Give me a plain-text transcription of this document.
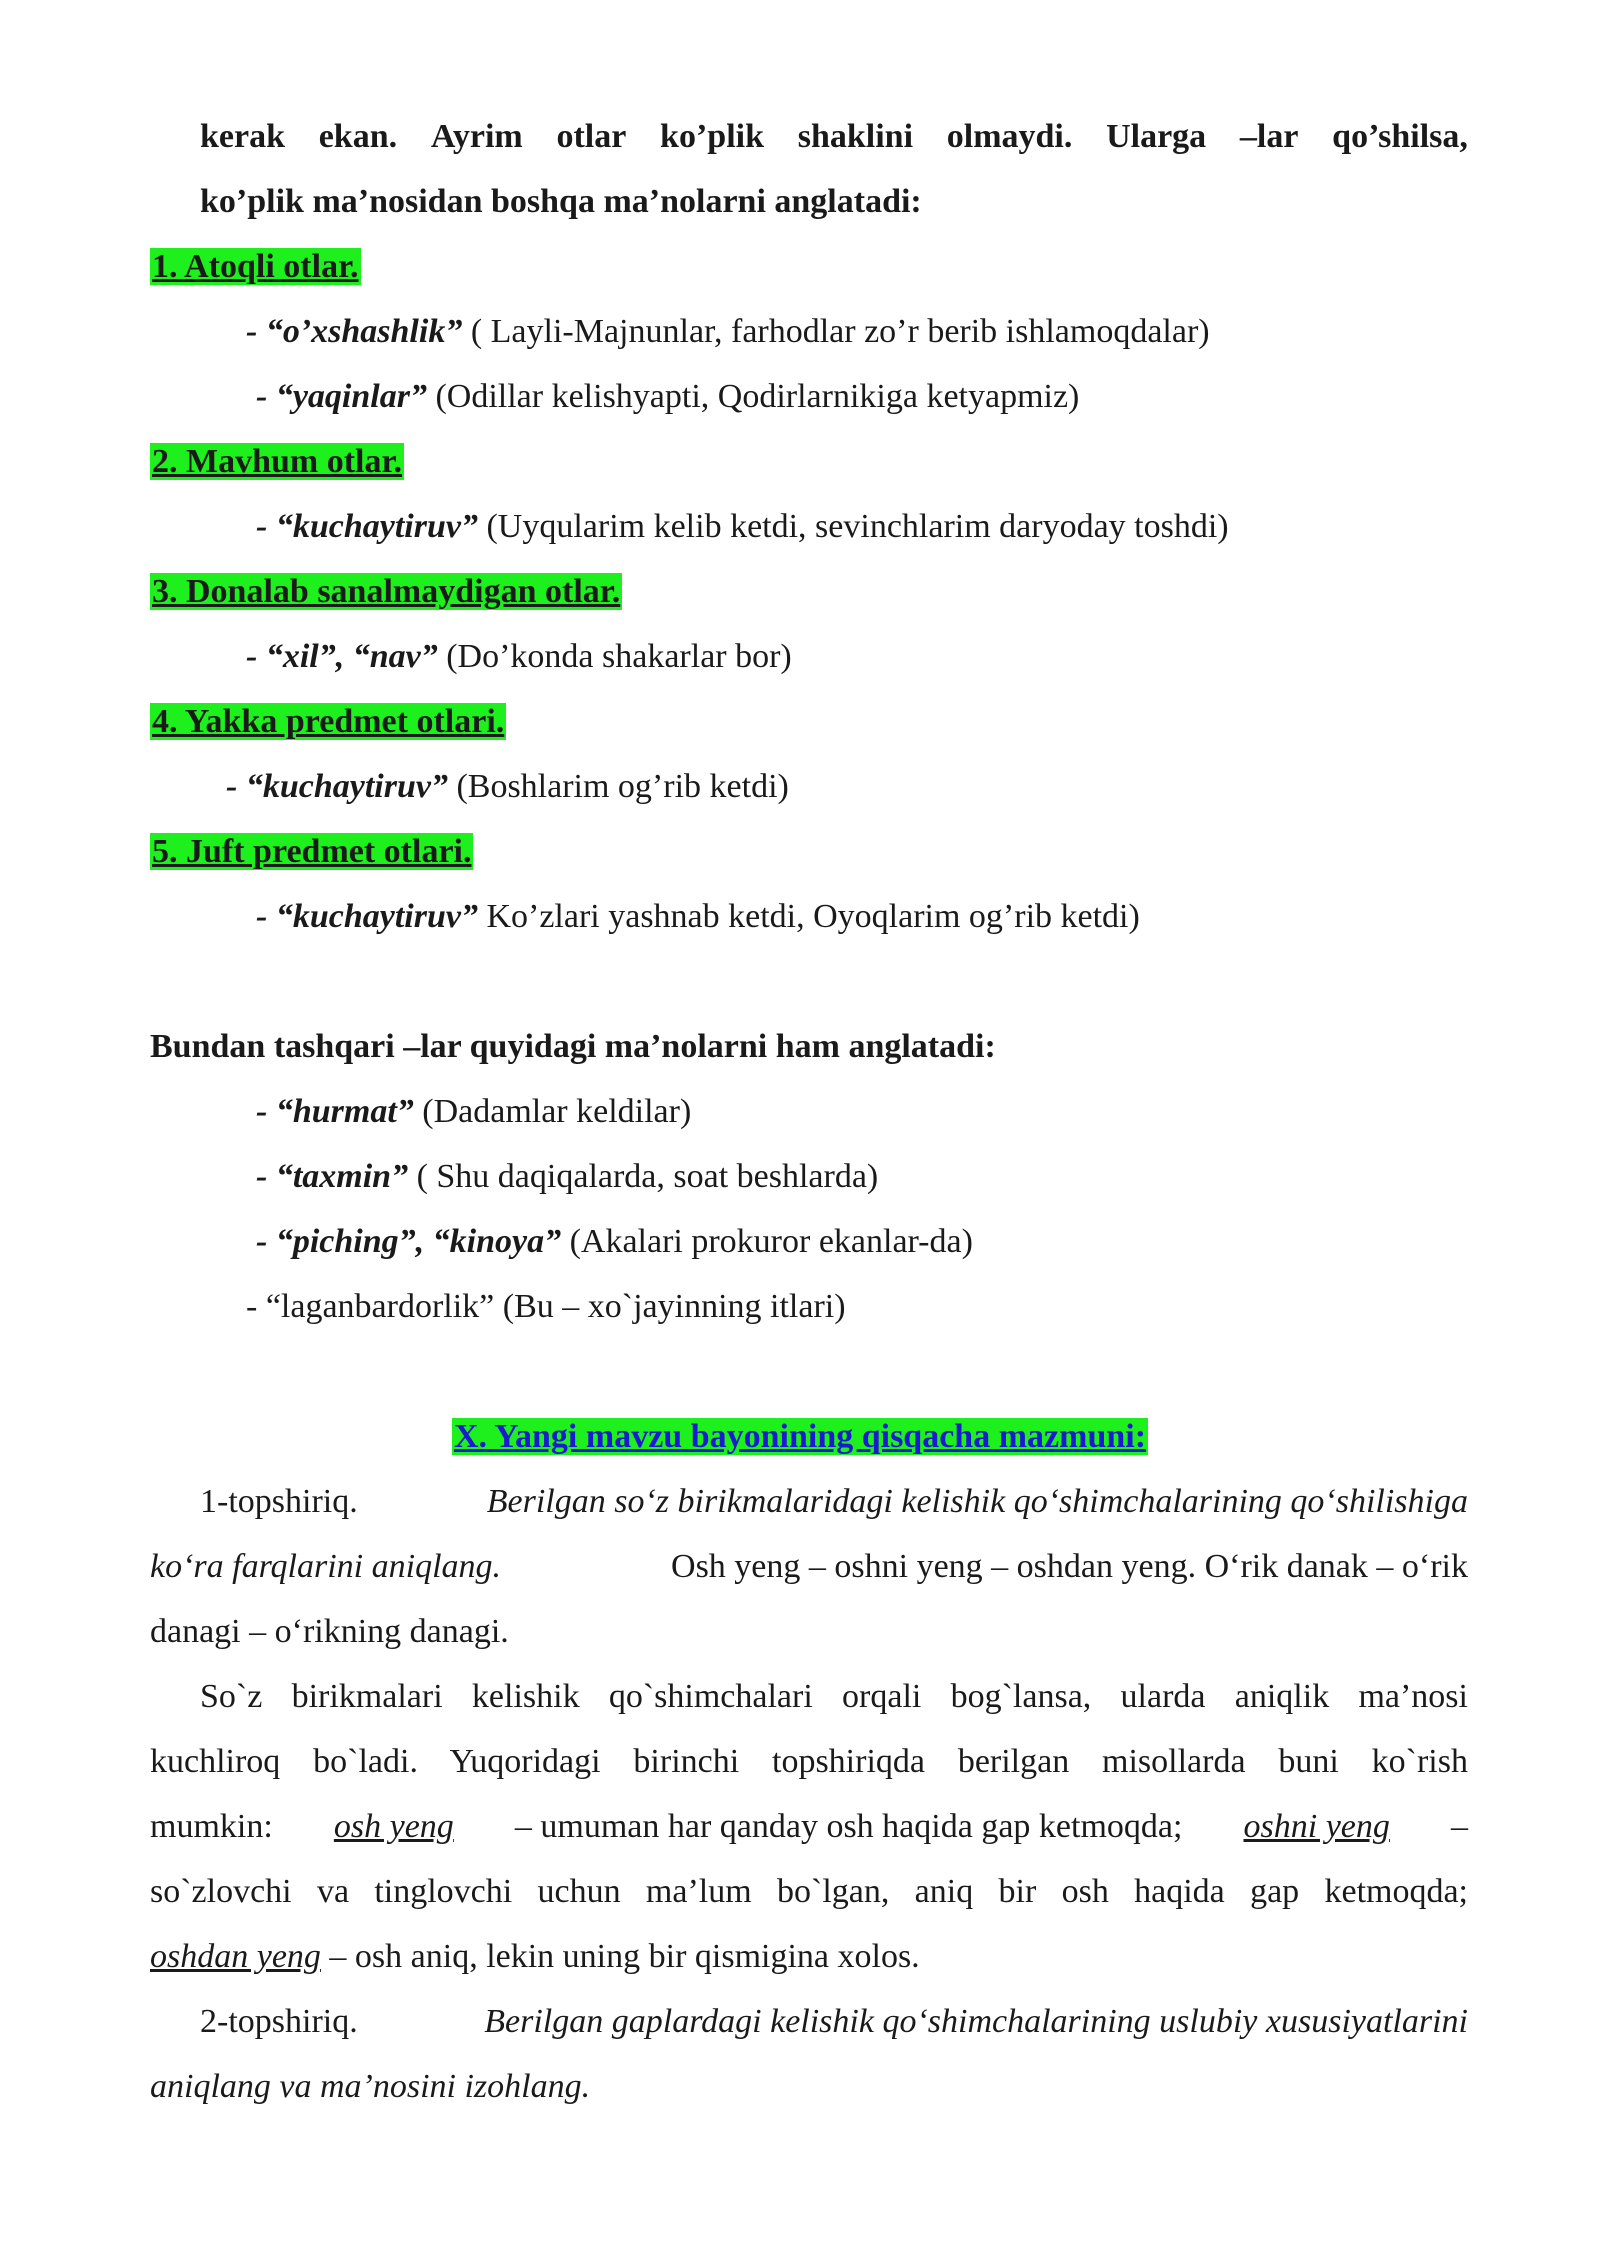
kerak ekan. Ayrim otlar ko’plik shaklini olmaydi. Ularga –lar qo’shilsa,
ko’plik ma’nosidan boshqa ma’nolarni anglatadi:
1. Atoqli otlar.
- “o’xshashlik” ( Layli-Majnunlar, farhodlar zo’r berib ishlamoqdalar)
- “yaqinlar” (Odillar kelishyapti, Qodirlarnikiga ketyapmiz)
2. Mavhum otlar.
- “kuchaytiruv” (Uyqularim kelib ketdi, sevinchlarim daryoday toshdi)
3. Donalab sanalmaydigan otlar.
- “xil”, “nav” (Do’konda shakarlar bor)
4. Yakka predmet otlari.
- “kuchaytiruv” (Boshlarim og’rib ketdi)
5. Juft predmet otlari.
- “kuchaytiruv” Ko’zlari yashnab ketdi, Oyoqlarim og’rib ketdi)
Bundan tashqari –lar quyidagi ma’nolarni ham anglatadi:
- “hurmat” (Dadamlar keldilar)
- “taxmin” ( Shu daqiqalarda, soat beshlarda)
- “piching”, “kinoya” (Akalari prokuror ekanlar-da)
- “laganbardorlik” (Bu – xo`jayinning itlari)
X. Yangi mavzu bayonining qisqacha mazmuni:
1-topshiriq.	Berilgan so‘z birikmalaridagi kelishik qo‘shimchalarining qo‘shilishiga
ko‘ra farqlarini aniqlang.	Osh yeng – oshni yeng – oshdan yeng. O‘rik danak – o‘rik
danagi – o‘rikning danagi.
So`z birikmalari kelishik qo`shimchalari orqali bog`lansa, ularda aniqlik ma’nosi
kuchliroq bo`ladi. Yuqoridagi birinchi topshiriqda berilgan misollarda buni ko`rish
mumkin: osh yeng – umuman har qanday osh haqida gap ketmoqda; oshni yeng –
so`zlovchi va tinglovchi uchun ma’lum bo`lgan, aniq bir osh haqida gap ketmoqda;
oshdan yeng – osh aniq, lekin uning bir qismigina xolos.
2-topshiriq.	Berilgan gaplardagi kelishik qo‘shimchalarining uslubiy xususiyatlarini
aniqlang va ma’nosini izohlang.
